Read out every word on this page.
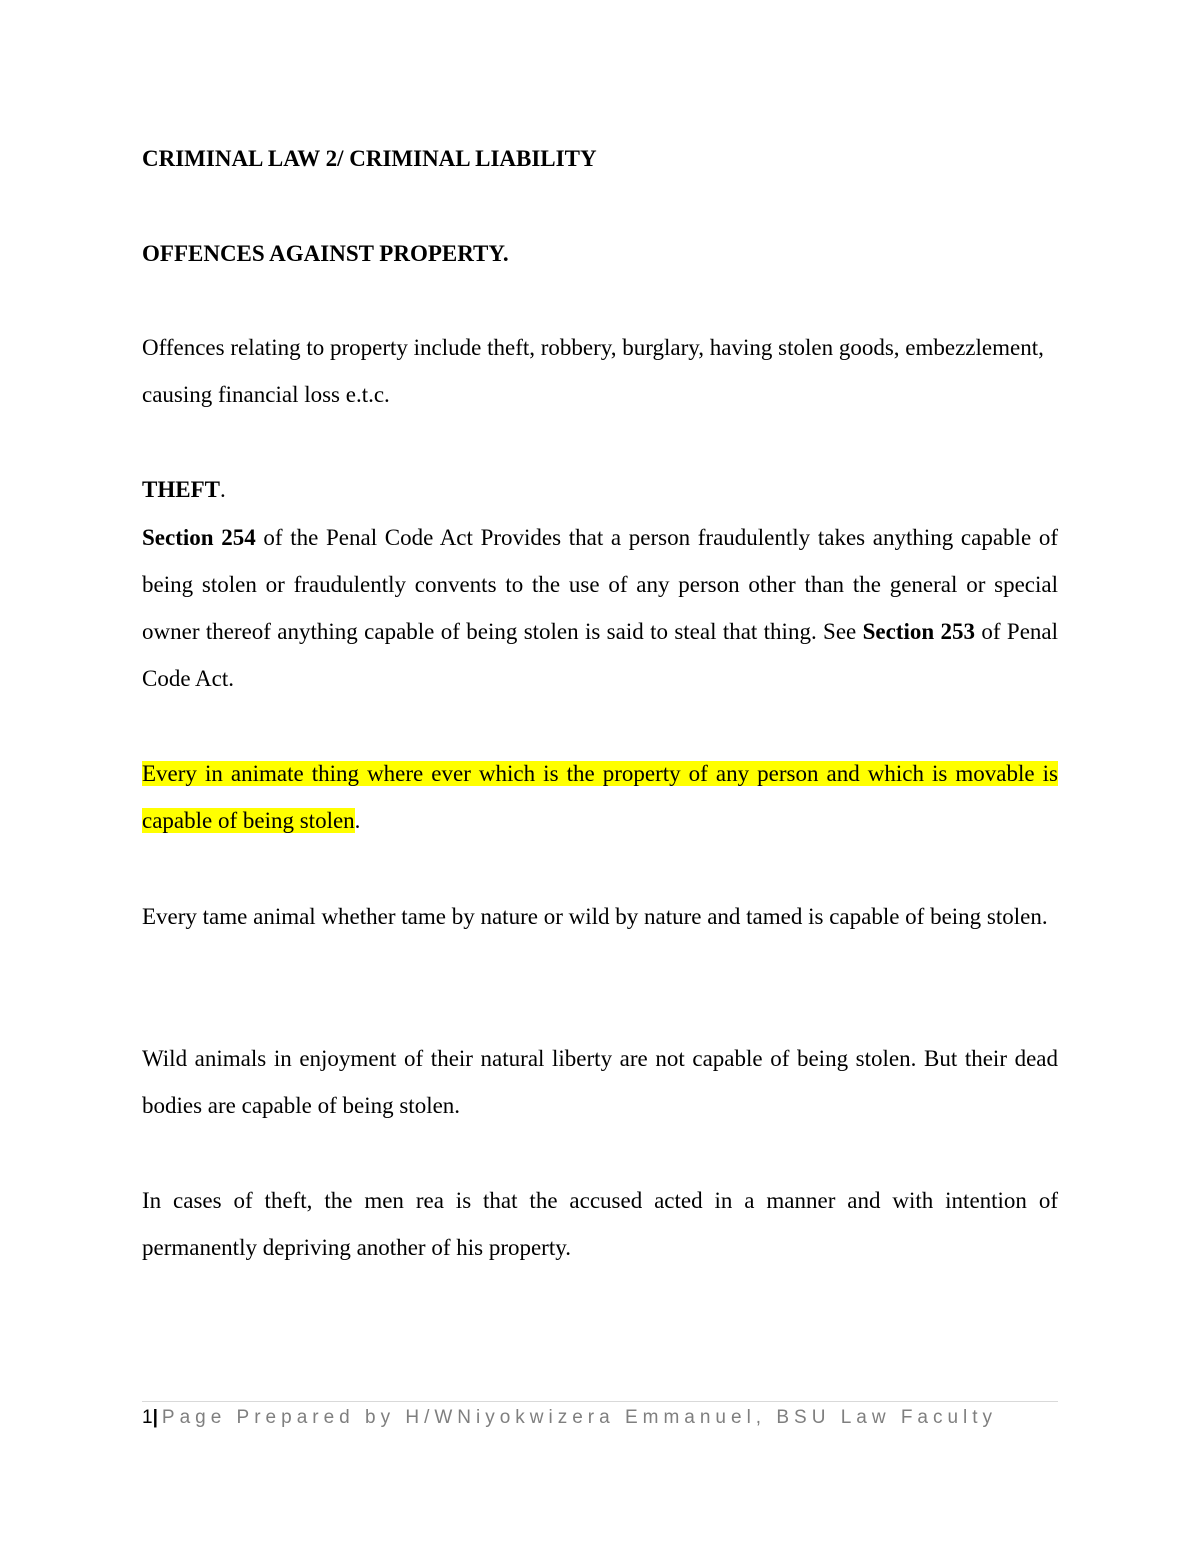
CRIMINAL LAW 2/ CRIMINAL LIABILITY

OFFENCES AGAINST PROPERTY.

Offences relating to property include theft, robbery, burglary, having stolen goods, embezzlement, causing financial loss e.t.c.

THEFT.

Section 254 of the Penal Code Act Provides that a person fraudulently takes anything capable of being stolen or fraudulently convents to the use of any person other than the general or special owner thereof anything capable of being stolen is said to steal that thing. See Section 253 of Penal Code Act.

Every in animate thing where ever which is the property of any person and which is movable is capable of being stolen.

Every tame animal whether tame by nature or wild by nature and tamed is capable of being stolen.

Wild animals in enjoyment of their natural liberty are not capable of being stolen. But their dead bodies are capable of being stolen.

In cases of theft, the men rea is that the accused acted in a manner and with intention of permanently depriving another of his property.

1| Page Prepared by H/WNiyokwizera Emmanuel, BSU Law Faculty
